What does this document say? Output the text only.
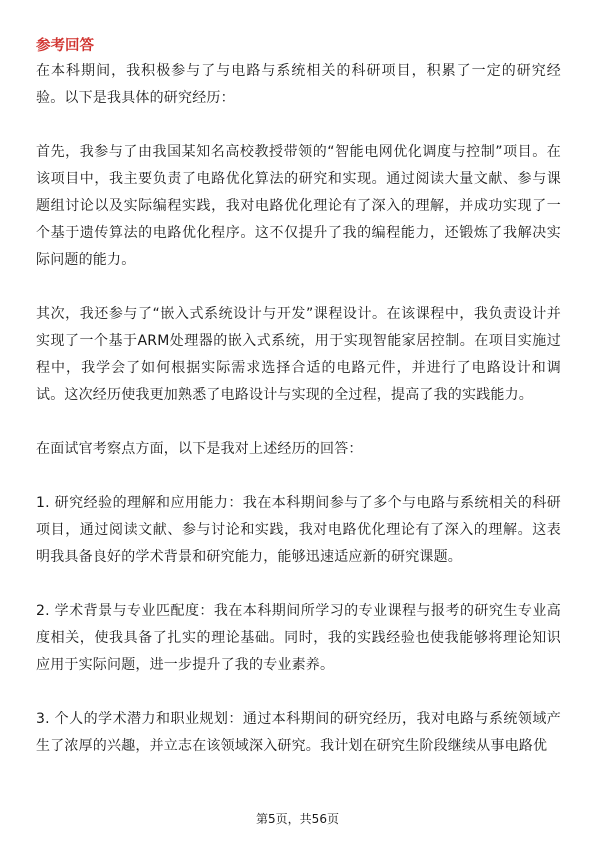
参考回答

在本科期间，我积极参与了与电路与系统相关的科研项目，积累了一定的研究经验。以下是我具体的研究经历：

首先，我参与了由我国某知名高校教授带领的“智能电网优化调度与控制”项目。在该项目中，我主要负责了电路优化算法的研究和实现。通过阅读大量文献、参与课题组讨论以及实际编程实践，我对电路优化理论有了深入的理解，并成功实现了一个基于遗传算法的电路优化程序。这不仅提升了我的编程能力，还锻炼了我解决实际问题的能力。

其次，我还参与了“嵌入式系统设计与开发”课程设计。在该课程中，我负责设计并实现了一个基于ARM处理器的嵌入式系统，用于实现智能家居控制。在项目实施过程中，我学会了如何根据实际需求选择合适的电路元件，并进行了电路设计和调试。这次经历使我更加熟悉了电路设计与实现的全过程，提高了我的实践能力。

在面试官考察点方面，以下是我对上述经历的回答：

1. 研究经验的理解和应用能力：我在本科期间参与了多个与电路与系统相关的科研项目，通过阅读文献、参与讨论和实践，我对电路优化理论有了深入的理解。这表明我具备良好的学术背景和研究能力，能够迅速适应新的研究课题。

2. 学术背景与专业匹配度：我在本科期间所学习的专业课程与报考的研究生专业高度相关，使我具备了扎实的理论基础。同时，我的实践经验也使我能够将理论知识应用于实际问题，进一步提升了我的专业素养。

3. 个人的学术潜力和职业规划：通过本科期间的研究经历，我对电路与系统领域产生了浓厚的兴趣，并立志在该领域深入研究。我计划在研究生阶段继续从事电路优

第5页，共56页
